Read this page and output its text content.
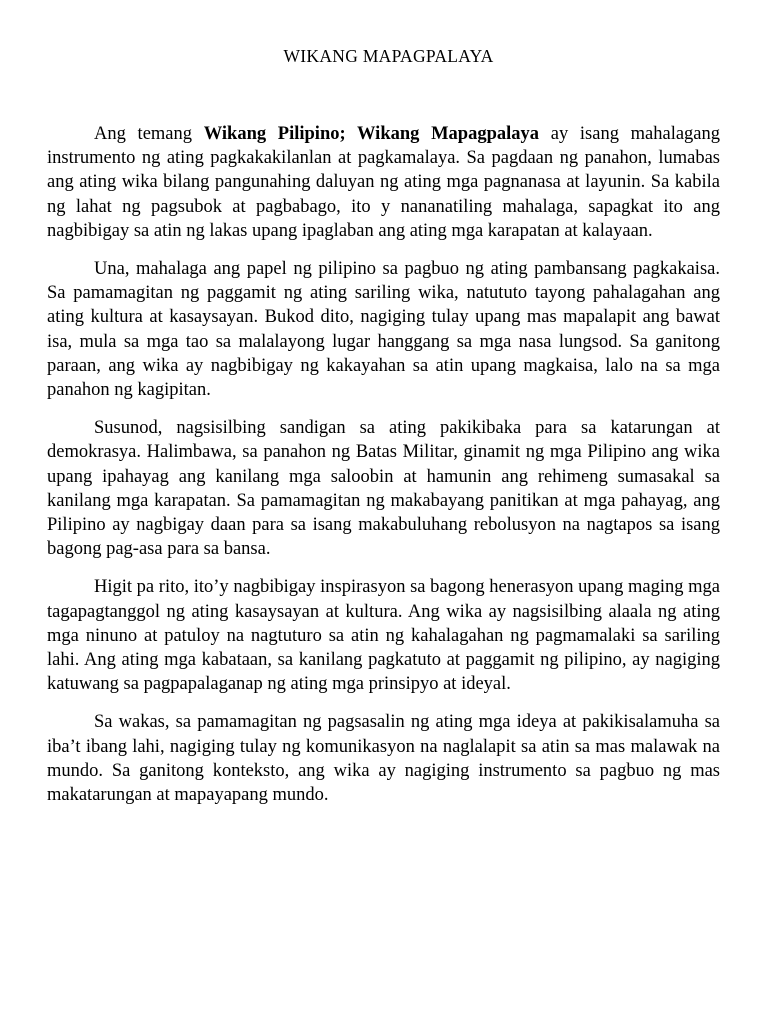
WIKANG MAPAGPALAYA

Ang temang Wikang Pilipino; Wikang Mapagpalaya ay isang mahalagang instrumento ng ating pagkakakilanlan at pagkamalaya. Sa pagdaan ng panahon, lumabas ang ating wika bilang pangunahing daluyan ng ating mga pagnanasa at layunin. Sa kabila ng lahat ng pagsubok at pagbabago, ito y nananatiling mahalaga, sapagkat ito ang nagbibigay sa atin ng lakas upang ipaglaban ang ating mga karapatan at kalayaan.

Una, mahalaga ang papel ng pilipino sa pagbuo ng ating pambansang pagkakaisa. Sa pamamagitan ng paggamit ng ating sariling wika, natututo tayong pahalagahan ang ating kultura at kasaysayan. Bukod dito, nagiging tulay upang mas mapalapit ang bawat isa, mula sa mga tao sa malalayong lugar hanggang sa mga nasa lungsod. Sa ganitong paraan, ang wika ay nagbibigay ng kakayahan sa atin upang magkaisa, lalo na sa mga panahon ng kagipitan.

Susunod, nagsisilbing sandigan sa ating pakikibaka para sa katarungan at demokrasya. Halimbawa, sa panahon ng Batas Militar, ginamit ng mga Pilipino ang wika upang ipahayag ang kanilang mga saloobin at hamunin ang rehimeng sumasakal sa kanilang mga karapatan. Sa pamamagitan ng makabayang panitikan at mga pahayag, ang Pilipino ay nagbigay daan para sa isang makabuluhang rebolusyon na nagtapos sa isang bagong pag-asa para sa bansa.

Higit pa rito, ito’y nagbibigay inspirasyon sa bagong henerasyon upang maging mga tagapagtanggol ng ating kasaysayan at kultura. Ang wika ay nagsisilbing alaala ng ating mga ninuno at patuloy na nagtuturo sa atin ng kahalagahan ng pagmamalaki sa sariling lahi. Ang ating mga kabataan, sa kanilang pagkatuto at paggamit ng pilipino, ay nagiging katuwang sa pagpapalaganap ng ating mga prinsipyo at ideyal.

Sa wakas, sa pamamagitan ng pagsasalin ng ating mga ideya at pakikisalamuha sa iba’t ibang lahi, nagiging tulay ng komunikasyon na naglalapit sa atin sa mas malawak na mundo. Sa ganitong konteksto, ang wika ay nagiging instrumento sa pagbuo ng mas makatarungan at mapayapang mundo.
